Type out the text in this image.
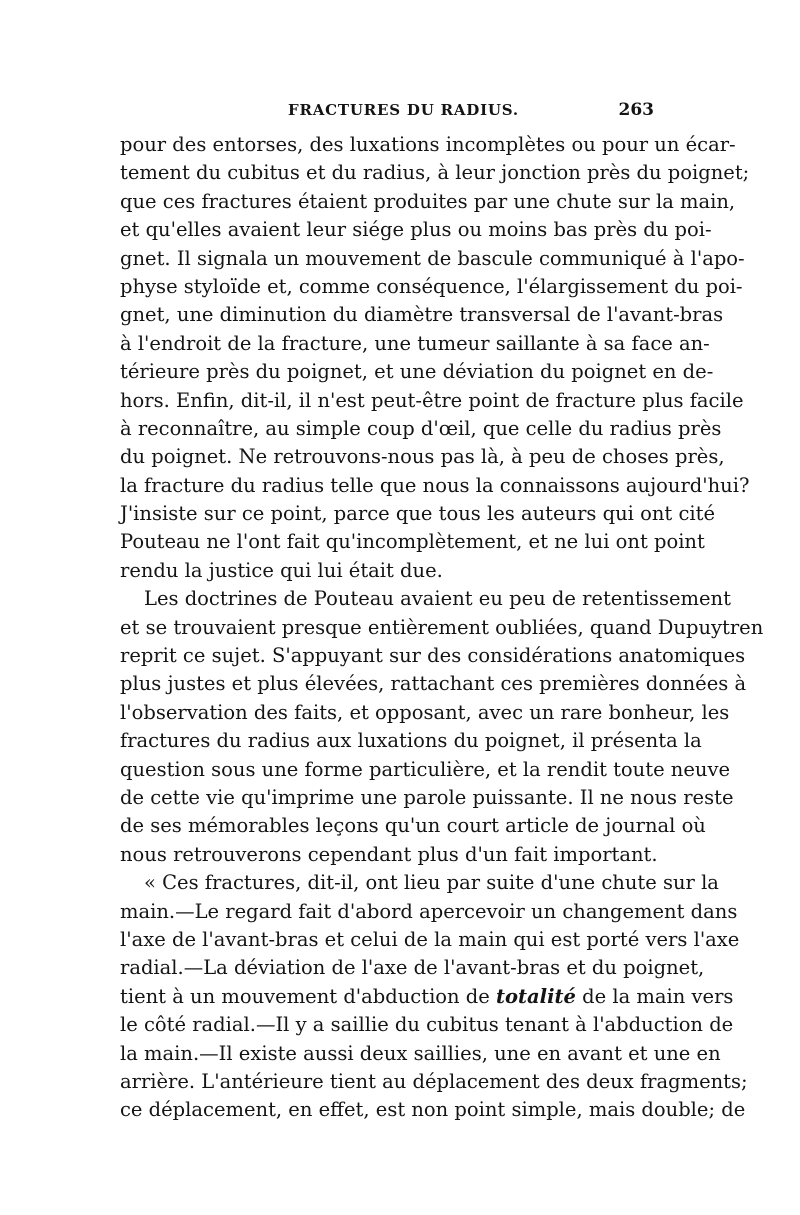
FRACTURES DU RADIUS.	263
pour des entorses, des luxations incomplètes ou pour un écar-
tement du cubitus et du radius, à leur jonction près du poignet;
que ces fractures étaient produites par une chute sur la main,
et qu'elles avaient leur siége plus ou moins bas près du poi-
gnet. Il signala un mouvement de bascule communiqué à l'apo-
physe styloïde et, comme conséquence, l'élargissement du poi-
gnet, une diminution du diamètre transversal de l'avant-bras
à l'endroit de la fracture, une tumeur saillante à sa face an-
térieure près du poignet, et une déviation du poignet en de-
hors. Enfin, dit-il, il n'est peut-être point de fracture plus facile
à reconnaître, au simple coup d'œil, que celle du radius près
du poignet. Ne retrouvons-nous pas là, à peu de choses près,
la fracture du radius telle que nous la connaissons aujourd'hui?
J'insiste sur ce point, parce que tous les auteurs qui ont cité
Pouteau ne l'ont fait qu'incomplètement, et ne lui ont point
rendu la justice qui lui était due.
Les doctrines de Pouteau avaient eu peu de retentissement
et se trouvaient presque entièrement oubliées, quand Dupuytren
reprit ce sujet. S'appuyant sur des considérations anatomiques
plus justes et plus élevées, rattachant ces premières données à
l'observation des faits, et opposant, avec un rare bonheur, les
fractures du radius aux luxations du poignet, il présenta la
question sous une forme particulière, et la rendit toute neuve
de cette vie qu'imprime une parole puissante. Il ne nous reste
de ses mémorables leçons qu'un court article de journal où
nous retrouverons cependant plus d'un fait important.
« Ces fractures, dit-il, ont lieu par suite d'une chute sur la
main.—Le regard fait d'abord apercevoir un changement dans
l'axe de l'avant-bras et celui de la main qui est porté vers l'axe
radial.—La déviation de l'axe de l'avant-bras et du poignet,
tient à un mouvement d'abduction de totalité de la main vers
le côté radial.—Il y a saillie du cubitus tenant à l'abduction de
la main.—Il existe aussi deux saillies, une en avant et une en
arrière. L'antérieure tient au déplacement des deux fragments;
ce déplacement, en effet, est non point simple, mais double; de
